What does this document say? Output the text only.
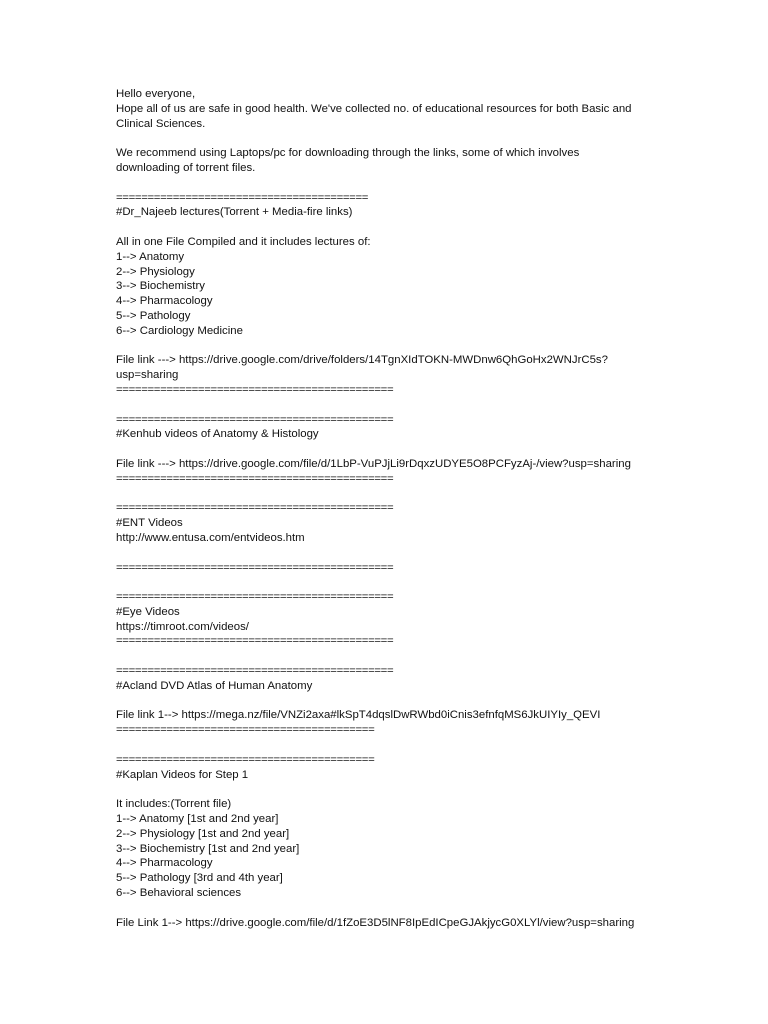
Hello everyone,
Hope all of us are safe in good health. We've collected no. of educational resources for both Basic and
Clinical Sciences.
We recommend using Laptops/pc for downloading through the links, some of which involves
downloading of torrent files.
========================================
#Dr_Najeeb lectures(Torrent + Media-fire links)
All in one File Compiled and it includes lectures of:
1--> Anatomy
2--> Physiology
3--> Biochemistry
4--> Pharmacology
5--> Pathology
6--> Cardiology Medicine
File link ---> https://drive.google.com/drive/folders/14TgnXIdTOKN-MWDnw6QhGoHx2WNJrC5s?
usp=sharing
============================================
============================================
#Kenhub videos of Anatomy & Histology
File link ---> https://drive.google.com/file/d/1LbP-VuPJjLi9rDqxzUDYE5O8PCFyzAj-/view?usp=sharing
============================================
============================================
#ENT Videos
http://www.entusa.com/entvideos.htm
============================================
============================================
#Eye Videos
https://timroot.com/videos/
============================================
============================================
#Acland DVD Atlas of Human Anatomy
File link 1--> https://mega.nz/file/VNZi2axa#lkSpT4dqslDwRWbd0iCnis3efnfqMS6JkUIYIy_QEVI
=========================================
=========================================
#Kaplan Videos for Step 1
It includes:(Torrent file)
1--> Anatomy [1st and 2nd year]
2--> Physiology [1st and 2nd year]
3--> Biochemistry [1st and 2nd year]
4--> Pharmacology
5--> Pathology [3rd and 4th year]
6--> Behavioral sciences
File Link 1--> https://drive.google.com/file/d/1fZoE3D5lNF8IpEdICpeGJAkjycG0XLYl/view?usp=sharing
